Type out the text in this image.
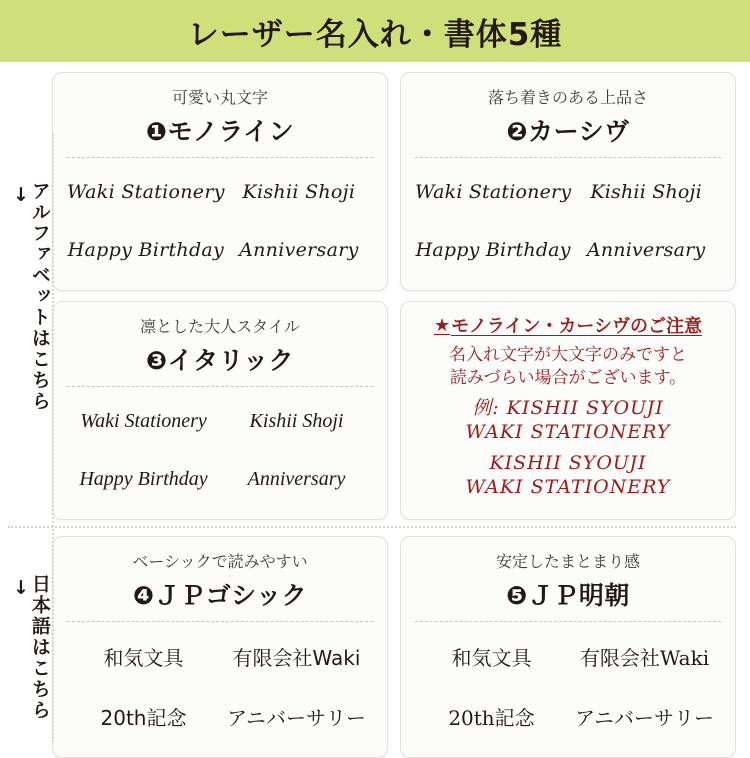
レーザー名入れ・書体5種
アルファベットはこちら
→
可愛い丸文字
❶モノライン
Waki Stationery Kishii Shoji
Happy Birthday Anniversary
落ち着きのある上品さ
❷カーシヴ
Waki Stationery Kishii Shoji
Happy Birthday Anniversary
凛とした大人スタイル
❸イタリック
Waki Stationery Kishii Shoji
Happy Birthday Anniversary
★ モノライン・カーシヴのご注意
名入れ文字が大文字のみですと
読みづらい場合がございます。
例: KISHII SYOUJI
WAKI STATIONERY
KISHII SYOUJI
WAKI STATIONERY
日本語はこちら
→
ベーシックで読みやすい
❹ＪＰゴシック
和気文具 有限会社Waki
20th記念 アニバーサリー
安定したまとまり感
❺ＪＰ明朝
和気文具 有限会社Waki
20th記念 アニバーサリー
